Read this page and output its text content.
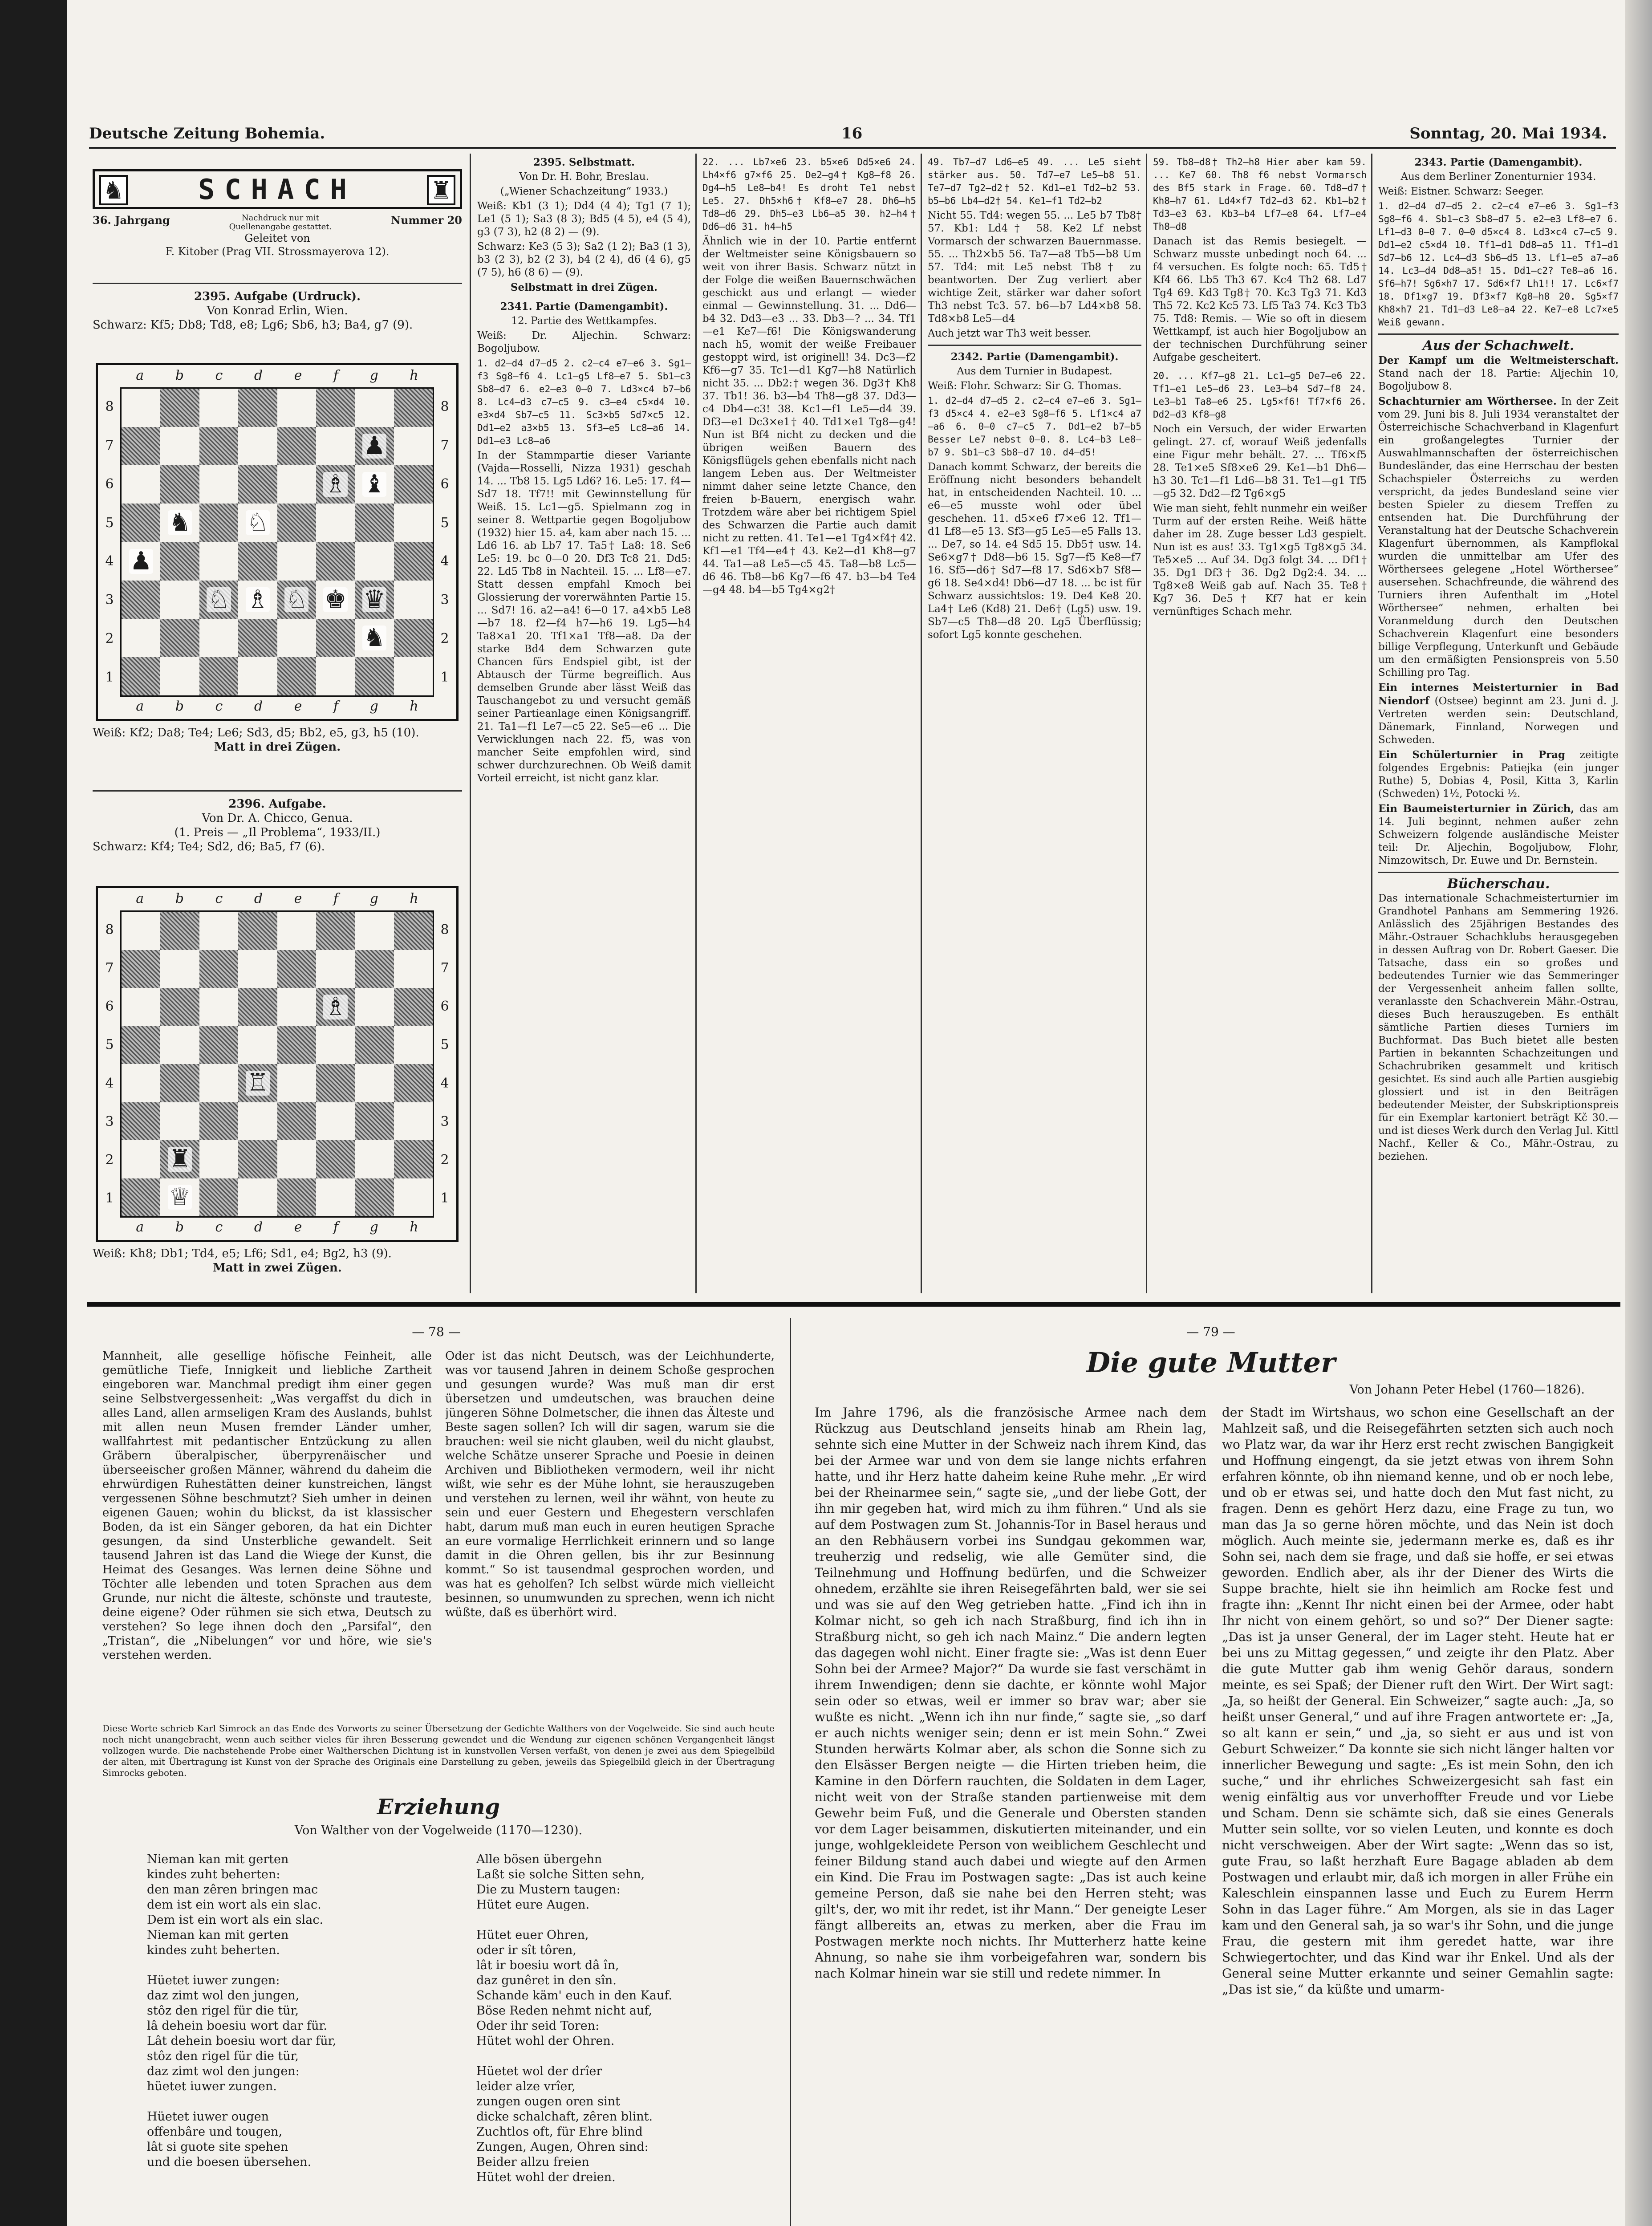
Deutsche Zeitung Bohemia.	16	Sonntag, 20. Mai 1934.
♞	SCHACH	♜
36. Jahrgang	Nachdruck nur mit Quellenangabe gestattet.
Nummer 20
Geleitet von
F. Kitober (Prag VII. Strossmayerova 12).
2395. Aufgabe (Urdruck).
Von Konrad Erlin, Wien.
Schwarz: Kf5; Db8; Td8, e8; Lg6; Sb6, h3; Ba4, g7 (9).
a b c d e f g h
a b c d e f g h
8
7
6
5
4
3
2
1
8
7
6
5
4
3
2
1
♟
♗ ♝
♞ ♘
♟
♘ ♗ ♘ ♚ ♛
♞
Weiß: Kf2; Da8; Te4; Le6; Sd3, d5; Bb2, e5, g3, h5 (10).
Matt in drei Zügen.
2396. Aufgabe.
Von Dr. A. Chicco, Genua.
(1. Preis — „Il Problema“, 1933/II.)
Schwarz: Kf4; Te4; Sd2, d6; Ba5, f7 (6).
a b c d e f g h
a b c d e f g h
8
7
6
5
4
3
2
1
8
7
6
5
4
3
2
1
♗
♖
♜
♕
Weiß: Kh8; Db1; Td4, e5; Lf6; Sd1, e4; Bg2, h3 (9).
Matt in zwei Zügen.

2395. Selbstmatt.

Von Dr. H. Bohr, Breslau.

(„Wiener Schachzeitung“ 1933.)

Weiß: Kb1 (3 1); Dd4 (4 4); Tg1 (7 1); Le1 (5 1); Sa3 (8 3); Bd5 (4 5), e4 (5 4), g3 (7 3), h2 (8 2) — (9).

Schwarz: Ke3 (5 3); Sa2 (1 2); Ba3 (1 3), b3 (2 3), b2 (2 3), b4 (2 4), d6 (4 6), g5 (7 5), h6 (8 6) — (9).

Selbstmatt in drei Zügen.

2341. Partie (Damengambit).

12. Partie des Wettkampfes.

Weiß: Dr. Aljechin. Schwarz: Bogoljubow.

1. d2—d4 d7—d5 2. c2—c4 e7—e6 3. Sg1—f3 Sg8—f6 4. Lc1—g5 Lf8—e7 5. Sb1—c3 Sb8—d7 6. e2—e3 0—0 7. Ld3×c4 b7—b6 8. Lc4—d3 c7—c5 9. c3—e4 c5×d4 10. e3×d4 Sb7—c5 11. Sc3×b5 Sd7×c5 12. Dd1—e2 a3×b5 13. Sf3—e5 Lc8—a6 14. Dd1—e3 Lc8—a6

In der Stammpartie dieser Variante (Vajda—Rosselli, Nizza 1931) geschah 14. ... Tb8 15. Lg5 Ld6? 16. Le5: 17. f4—Sd7 18. Tf7!! mit Gewinnstellung für Weiß. 15. Lc1—g5. Spielmann zog in seiner 8. Wettpartie gegen Bogoljubow (1932) hier 15. a4, kam aber nach 15. ... Ld6 16. ab Lb7 17. Ta5† La8: 18. Se6 Le5: 19. bc 0—0 20. Df3 Tc8 21. Dd5: 22. Ld5 Tb8 in Nachteil. 15. ... Lf8—e7. Statt dessen empfahl Kmoch bei Glossierung der vorerwähnten Partie 15. ... Sd7! 16. a2—a4! 6—0 17. a4×b5 Le8—b7 18. f2—f4 h7—h6 19. Lg5—h4 Ta8×a1 20. Tf1×a1 Tf8—a8. Da der starke Bd4 dem Schwarzen gute Chancen fürs Endspiel gibt, ist der Abtausch der Türme begreiflich. Aus demselben Grunde aber lässt Weiß das Tauschangebot zu und versucht gemäß seiner Partieanlage einen Königsangriff. 21. Ta1—f1 Le7—c5 22. Se5—e6 ... Die Verwicklungen nach 22. f5, was von mancher Seite empfohlen wird, sind schwer durchzurechnen. Ob Weiß damit Vorteil erreicht, ist nicht ganz klar.

22. ... Lb7×e6 23. b5×e6 Dd5×e6 24. Lh4×f6 g7×f6 25. De2—g4† Kg8—f8 26. Dg4—h5 Le8—b4! Es droht Te1 nebst Le5. 27. Dh5×h6† Kf8—e7 28. Dh6—h5 Td8—d6 29. Dh5—e3 Lb6—a5 30. h2—h4† Dd6—d6 31. h4—h5

Ähnlich wie in der 10. Partie entfernt der Weltmeister seine Königsbauern so weit von ihrer Basis. Schwarz nützt in der Folge die weißen Bauernschwächen geschickt aus und erlangt — wieder einmal — Gewinnstellung. 31. ... Dd6—b4 32. Dd3—e3 ... 33. Db3—? ... 34. Tf1—e1 Ke7—f6! Die Königswanderung nach h5, womit der weiße Freibauer gestoppt wird, ist originell! 34. Dc3—f2 Kf6—g7 35. Tc1—d1 Kg7—h8 Natürlich nicht 35. ... Db2:† wegen 36. Dg3† Kh8 37. Tb1! 36. b3—b4 Th8—g8 37. Dd3—c4 Db4—c3! 38. Kc1—f1 Le5—d4 39. Df3—e1 Dc3×e1† 40. Td1×e1 Tg8—g4! Nun ist Bf4 nicht zu decken und die übrigen weißen Bauern des Königsflügels gehen ebenfalls nicht nach langem Leben aus. Der Weltmeister nimmt daher seine letzte Chance, den freien b-Bauern, energisch wahr. Trotzdem wäre aber bei richtigem Spiel des Schwarzen die Partie auch damit nicht zu retten. 41. Te1—e1 Tg4×f4† 42. Kf1—e1 Tf4—e4† 43. Ke2—d1 Kh8—g7 44. Ta1—a8 Le5—c5 45. Ta8—b8 Lc5—d6 46. Tb8—b6 Kg7—f6 47. b3—b4 Te4—g4 48. b4—b5 Tg4×g2†

49. Tb7—d7 Ld6—e5 49. ... Le5 sieht stärker aus. 50. Td7—e7 Le5—b8 51. Te7—d7 Tg2—d2† 52. Kd1—e1 Td2—b2 53. b5—b6 Lb4—d2† 54. Ke1—f1 Td2—b2

Nicht 55. Td4: wegen 55. ... Le5 b7 Tb8† 57. Kb1: Ld4† 58. Ke2 Lf nebst Vormarsch der schwarzen Bauernmasse. 55. ... Th2×b5 56. Ta7—a8 Tb5—b8 Um 57. Td4: mit Le5 nebst Tb8† zu beantworten. Der Zug verliert aber wichtige Zeit, stärker war daher sofort Th3 nebst Tc3. 57. b6—b7 Ld4×b8 58. Td8×b8 Le5—d4

Auch jetzt war Th3 weit besser.

2342. Partie (Damengambit).

Aus dem Turnier in Budapest.

Weiß: Flohr. Schwarz: Sir G. Thomas.

1. d2—d4 d7—d5 2. c2—c4 e7—e6 3. Sg1—f3 d5×c4 4. e2—e3 Sg8—f6 5. Lf1×c4 a7—a6 6. 0—0 c7—c5 7. Dd1—e2 b7—b5 Besser Le7 nebst 0—0. 8. Lc4—b3 Le8—b7 9. Sb1—c3 Sb8—d7 10. d4—d5!

Danach kommt Schwarz, der bereits die Eröffnung nicht besonders behandelt hat, in entscheidenden Nachteil. 10. ... e6—e5 musste wohl oder übel geschehen. 11. d5×e6 f7×e6 12. Tf1—d1 Lf8—e5 13. Sf3—g5 Le5—e5 Falls 13. ... De7, so 14. e4 Sd5 15. Db5† usw. 14. Se6×g7† Dd8—b6 15. Sg7—f5 Ke8—f7 16. Sf5—d6† Sd7—f8 17. Sd6×b7 Sf8—g6 18. Se4×d4! Db6—d7 18. ... bc ist für Schwarz aussichtslos: 19. De4 Ke8 20. La4† Le6 (Kd8) 21. De6† (Lg5) usw. 19. Sb7—c5 Th8—d8 20. Lg5 Überflüssig; sofort Lg5 konnte geschehen.

59. Tb8—d8† Th2—h8 Hier aber kam 59. ... Ke7 60. Th8 f6 nebst Vormarsch des Bf5 stark in Frage. 60. Td8—d7† Kh8—h7 61. Ld4×f7 Td2—d3 62. Kb1—b2† Td3—e3 63. Kb3—b4 Lf7—e8 64. Lf7—e4 Th8—d8

Danach ist das Remis besiegelt. — Schwarz musste unbedingt noch 64. ... f4 versuchen. Es folgte noch: 65. Td5† Kf4 66. Lb5 Th3 67. Kc4 Th2 68. Ld7 Tg4 69. Kd3 Tg8† 70. Kc3 Tg3 71. Kd3 Th5 72. Kc2 Kc5 73. Lf5 Ta3 74. Kc3 Tb3 75. Td8: Remis. — Wie so oft in diesem Wettkampf, ist auch hier Bogoljubow an der technischen Durchführung seiner Aufgabe gescheitert.

20. ... Kf7—g8 21. Lc1—g5 De7—e6 22. Tf1—e1 Le5—d6 23. Le3—b4 Sd7—f8 24. Le3—b1 Ta8—e6 25. Lg5×f6! Tf7×f6 26. Dd2—d3 Kf8—g8

Noch ein Versuch, der wider Erwarten gelingt. 27. cf, worauf Weiß jedenfalls eine Figur mehr behält. 27. ... Tf6×f5 28. Te1×e5 Sf8×e6 29. Ke1—b1 Dh6—h3 30. Tc1—f1 Ld6—b8 31. Te1—g1 Tf5—g5 32. Dd2—f2 Tg6×g5

Wie man sieht, fehlt nunmehr ein weißer Turm auf der ersten Reihe. Weiß hätte daher im 28. Zuge besser Ld3 gespielt. Nun ist es aus! 33. Tg1×g5 Tg8×g5 34. Te5×e5 ... Auf 34. Dg3 folgt 34. ... Df1† 35. Dg1 Df3† 36. Dg2 Dg2:4. 34. ... Tg8×e8 Weiß gab auf. Nach 35. Te8† Kg7 36. De5† Kf7 hat er kein vernünftiges Schach mehr.

2343. Partie (Damengambit).

Aus dem Berliner Zonenturnier 1934.

Weiß: Eistner. Schwarz: Seeger.

1. d2—d4 d7—d5 2. c2—c4 e7—e6 3. Sg1—f3 Sg8—f6 4. Sb1—c3 Sb8—d7 5. e2—e3 Lf8—e7 6. Lf1—d3 0—0 7. 0—0 d5×c4 8. Ld3×c4 c7—c5 9. Dd1—e2 c5×d4 10. Tf1—d1 Dd8—a5 11. Tf1—d1 Sd7—b6 12. Lc4—d3 Sb6—d5 13. Lf1—e5 a7—a6 14. Lc3—d4 Dd8—a5! 15. Dd1—c2? Te8—a6 16. Sf6—h7! Sg6×h7 17. Sd6×f7 Lh1!! 17. Lc6×f7 18. Df1×g7 19. Df3×f7 Kg8—h8 20. Sg5×f7 Kh8×h7 21. Td1—d3 Le8—a4 22. Ke7—e8 Lc7×e5 Weiß gewann.

Aus der Schachwelt.

Der Kampf um die Weltmeisterschaft. Stand nach der 18. Partie: Aljechin 10, Bogoljubow 8.

Schachturnier am Wörthersee. In der Zeit vom 29. Juni bis 8. Juli 1934 veranstaltet der Österreichische Schachverband in Klagenfurt ein großangelegtes Turnier der Auswahlmannschaften der österreichischen Bundesländer, das eine Herrschau der besten Schachspieler Österreichs zu werden verspricht, da jedes Bundesland seine vier besten Spieler zu diesem Treffen zu entsenden hat. Die Durchführung der Veranstaltung hat der Deutsche Schachverein Klagenfurt übernommen, als Kampflokal wurden die unmittelbar am Ufer des Wörthersees gelegene „Hotel Wörthersee“ ausersehen. Schachfreunde, die während des Turniers ihren Aufenthalt im „Hotel Wörthersee“ nehmen, erhalten bei Voranmeldung durch den Deutschen Schachverein Klagenfurt eine besonders billige Verpflegung, Unterkunft und Gebäude um den ermäßigten Pensionspreis von 5.50 Schilling pro Tag.

Ein internes Meisterturnier in Bad Niendorf (Ostsee) beginnt am 23. Juni d. J. Vertreten werden sein: Deutschland, Dänemark, Finnland, Norwegen und Schweden.

Ein Schülerturnier in Prag zeitigte folgendes Ergebnis: Patiejka (ein junger Ruthe) 5, Dobias 4, Posil, Kitta 3, Karlin (Schweden) 1½, Potocki ½.

Ein Baumeisterturnier in Zürich, das am 14. Juli beginnt, nehmen außer zehn Schweizern folgende ausländische Meister teil: Dr. Aljechin, Bogoljubow, Flohr, Nimzowitsch, Dr. Euwe und Dr. Bernstein.

Bücherschau.

Das internationale Schachmeisterturnier im Grandhotel Panhans am Semmering 1926. Anlässlich des 25jährigen Bestandes des Mähr.-Ostrauer Schachklubs herausgegeben in dessen Auftrag von Dr. Robert Gaeser. Die Tatsache, dass ein so großes und bedeutendes Turnier wie das Semmeringer der Vergessenheit anheim fallen sollte, veranlasste den Schachverein Mähr.-Ostrau, dieses Buch herauszugeben. Es enthält sämtliche Partien dieses Turniers im Buchformat. Das Buch bietet alle besten Partien in bekannten Schachzeitungen und Schachrubriken gesammelt und kritisch gesichtet. Es sind auch alle Partien ausgiebig glossiert und ist in den Beiträgen bedeutender Meister, der Subskriptionspreis für ein Exemplar kartoniert beträgt Kč 30.— und ist dieses Werk durch den Verlag Jul. Kittl Nachf., Keller & Co., Mähr.-Ostrau, zu beziehen.

— 78 —
Mannheit, alle gesellige höfische Feinheit, alle gemütliche Tiefe, Innigkeit und liebliche Zartheit eingeboren war. Manchmal predigt ihm einer gegen seine Selbstvergessenheit: „Was vergaffst du dich in alles Land, allen armseligen Kram des Auslands, buhlst mit allen neun Musen fremder Länder umher, wallfahrtest mit pedantischer Entzückung zu allen Gräbern überalpischer, überpyrenäischer und überseeischer großen Männer, während du daheim die ehrwürdigen Ruhestätten deiner kunstreichen, längst vergessenen Söhne beschmutzt? Sieh umher in deinen eigenen Gauen; wohin du blickst, da ist klassischer Boden, da ist ein Sänger geboren, da hat ein Dichter gesungen, da sind Unsterbliche gewandelt. Seit tausend Jahren ist das Land die Wiege der Kunst, die Heimat des Gesanges. Was lernen deine Söhne und Töchter alle lebenden und toten Sprachen aus dem Grunde, nur nicht die älteste, schönste und trauteste, deine eigene? Oder rühmen sie sich etwa, Deutsch zu verstehen? So lege ihnen doch den „Parsifal“, den „Tristan“, die „Nibelungen“ vor und höre, wie sie's verstehen werden.
Oder ist das nicht Deutsch, was der Leichhunderte, was vor tausend Jahren in deinem Schoße gesprochen und gesungen wurde? Was muß man dir erst übersetzen und umdeutschen, was brauchen deine jüngeren Söhne Dolmetscher, die ihnen das Älteste und Beste sagen sollen? Ich will dir sagen, warum sie die brauchen: weil sie nicht glauben, weil du nicht glaubst, welche Schätze unserer Sprache und Poesie in deinen Archiven und Bibliotheken vermodern, weil ihr nicht wißt, wie sehr es der Mühe lohnt, sie herauszugeben und verstehen zu lernen, weil ihr wähnt, von heute zu sein und euer Gestern und Ehegestern verschlafen habt, darum muß man euch in euren heutigen Sprache an eure vormalige Herrlichkeit erinnern und so lange damit in die Ohren gellen, bis ihr zur Besinnung kommt.“ So ist tausendmal gesprochen worden, und was hat es geholfen? Ich selbst würde mich vielleicht besinnen, so unumwunden zu sprechen, wenn ich nicht wüßte, daß es überhört wird.
Diese Worte schrieb Karl Simrock an das Ende des Vorworts zu seiner Übersetzung der Gedichte Walthers von der Vogelweide. Sie sind auch heute noch nicht unangebracht, wenn auch seither vieles für ihren Besserung gewendet und die Wendung zur eigenen schönen Vergangenheit längst vollzogen wurde. Die nachstehende Probe einer Waltherschen Dichtung ist in kunstvollen Versen verfaßt, von denen je zwei aus dem Spiegelbild der alten, mit Übertragung ist Kunst von der Sprache des Originals eine Darstellung zu geben, jeweils das Spiegelbild gleich in der Übertragung Simrocks geboten.
Erziehung
Von Walther von der Vogelweide (1170—1230).
Nieman kan mit gerten
kindes zuht beherten:
den man zêren bringen mac
dem ist ein wort als ein slac.
Dem ist ein wort als ein slac.
Nieman kan mit gerten
kindes zuht beherten.

Hüetet iuwer zungen:
daz zimt wol den jungen,
stôz den rigel für die tür,
lâ dehein boesiu wort dar für.
Lât dehein boesiu wort dar für,
stôz den rigel für die tür,
daz zimt wol den jungen:
hüetet iuwer zungen.

Hüetet iuwer ougen
offenbâre und tougen,
lât si guote site spehen
und die boesen übersehen.
Alle bösen übergehn
Laßt sie solche Sitten sehn,
Die zu Mustern taugen:
Hütet eure Augen.

Hütet euer Ohren,
oder ir sît tôren,
lât ir boesiu wort dâ în,
daz gunêret in den sîn.
Schande käm' euch in den Kauf.
Böse Reden nehmt nicht auf,
Oder ihr seid Toren:
Hütet wohl der Ohren.

Hüetet wol der drîer
leider alze vrîer,
zungen ougen oren sint
dicke schalchaft, zêren blint.
Zuchtlos oft, für Ehre blind
Zungen, Augen, Ohren sind:
Beider allzu freien
Hütet wohl der dreien.
— 79 —
Die gute Mutter
Von Johann Peter Hebel (1760—1826).
Im Jahre 1796, als die französische Armee nach dem Rückzug aus Deutschland jenseits hinab am Rhein lag, sehnte sich eine Mutter in der Schweiz nach ihrem Kind, das bei der Armee war und von dem sie lange nichts erfahren hatte, und ihr Herz hatte daheim keine Ruhe mehr. „Er wird bei der Rheinarmee sein,“ sagte sie, „und der liebe Gott, der ihn mir gegeben hat, wird mich zu ihm führen.“ Und als sie auf dem Postwagen zum St. Johannis-Tor in Basel heraus und an den Rebhäusern vorbei ins Sundgau gekommen war, treuherzig und redselig, wie alle Gemüter sind, die Teilnehmung und Hoffnung bedürfen, und die Schweizer ohnedem, erzählte sie ihren Reisegefährten bald, wer sie sei und was sie auf den Weg getrieben hatte. „Find ich ihn in Kolmar nicht, so geh ich nach Straßburg, find ich ihn in Straßburg nicht, so geh ich nach Mainz.“ Die andern legten das dagegen wohl nicht. Einer fragte sie: „Was ist denn Euer Sohn bei der Armee? Major?“ Da wurde sie fast verschämt in ihrem Inwendigen; denn sie dachte, er könnte wohl Major sein oder so etwas, weil er immer so brav war; aber sie wußte es nicht. „Wenn ich ihn nur finde,“ sagte sie, „so darf er auch nichts weniger sein; denn er ist mein Sohn.“ Zwei Stunden herwärts Kolmar aber, als schon die Sonne sich zu den Elsässer Bergen neigte — die Hirten trieben heim, die Kamine in den Dörfern rauchten, die Soldaten in dem Lager, nicht weit von der Straße standen partienweise mit dem Gewehr beim Fuß, und die Generale und Obersten standen vor dem Lager beisammen, diskutierten miteinander, und ein junge, wohlgekleidete Person von weiblichem Geschlecht und feiner Bildung stand auch dabei und wiegte auf den Armen ein Kind. Die Frau im Postwagen sagte: „Das ist auch keine gemeine Person, daß sie nahe bei den Herren steht; was gilt's, der, wo mit ihr redet, ist ihr Mann.“ Der geneigte Leser fängt allbereits an, etwas zu merken, aber die Frau im Postwagen merkte noch nichts. Ihr Mutterherz hatte keine Ahnung, so nahe sie ihm vorbeigefahren war, sondern bis nach Kolmar hinein war sie still und redete nimmer. In
der Stadt im Wirtshaus, wo schon eine Gesellschaft an der Mahlzeit saß, und die Reisegefährten setzten sich auch noch wo Platz war, da war ihr Herz erst recht zwischen Bangigkeit und Hoffnung eingengt, da sie jetzt etwas von ihrem Sohn erfahren könnte, ob ihn niemand kenne, und ob er noch lebe, und ob er etwas sei, und hatte doch den Mut fast nicht, zu fragen. Denn es gehört Herz dazu, eine Frage zu tun, wo man das Ja so gerne hören möchte, und das Nein ist doch möglich. Auch meinte sie, jedermann merke es, daß es ihr Sohn sei, nach dem sie frage, und daß sie hoffe, er sei etwas geworden. Endlich aber, als ihr der Diener des Wirts die Suppe brachte, hielt sie ihn heimlich am Rocke fest und fragte ihn: „Kennt Ihr nicht einen bei der Armee, oder habt Ihr nicht von einem gehört, so und so?“ Der Diener sagte: „Das ist ja unser General, der im Lager steht. Heute hat er bei uns zu Mittag gegessen,“ und zeigte ihr den Platz. Aber die gute Mutter gab ihm wenig Gehör daraus, sondern meinte, es sei Spaß; der Diener ruft den Wirt. Der Wirt sagt: „Ja, so heißt der General. Ein Schweizer,“ sagte auch: „Ja, so heißt unser General,“ und auf ihre Fragen antwortete er: „Ja, so alt kann er sein,“ und „ja, so sieht er aus und ist von Geburt Schweizer.“ Da konnte sie sich nicht länger halten vor innerlicher Bewegung und sagte: „Es ist mein Sohn, den ich suche,“ und ihr ehrliches Schweizergesicht sah fast ein wenig einfältig aus vor unverhoffter Freude und vor Liebe und Scham. Denn sie schämte sich, daß sie eines Generals Mutter sein sollte, vor so vielen Leuten, und konnte es doch nicht verschweigen. Aber der Wirt sagte: „Wenn das so ist, gute Frau, so laßt herzhaft Eure Bagage abladen ab dem Postwagen und erlaubt mir, daß ich morgen in aller Frühe ein Kaleschlein einspannen lasse und Euch zu Eurem Herrn Sohn in das Lager führe.“ Am Morgen, als sie in das Lager kam und den General sah, ja so war's ihr Sohn, und die junge Frau, die gestern mit ihm geredet hatte, war ihre Schwiegertochter, und das Kind war ihr Enkel. Und als der General seine Mutter erkannte und seiner Gemahlin sagte: „Das ist sie,“ da küßte und umarm-
